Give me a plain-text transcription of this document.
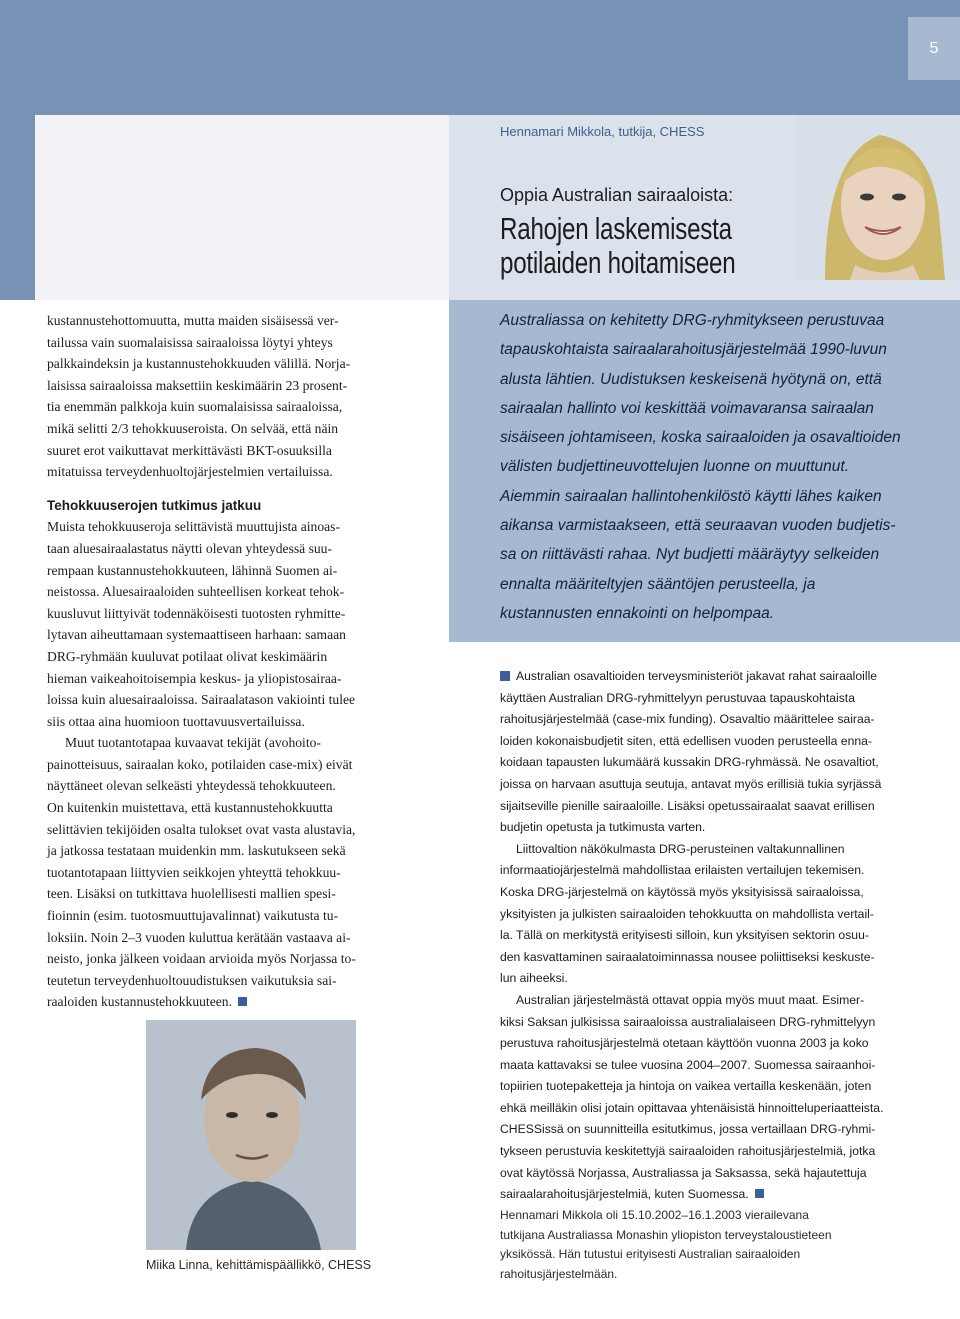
5
Hennamari Mikkola, tutkija, CHESS
Oppia Australian sairaaloista:
Rahojen laskemisesta
potilaiden hoitamiseen
Australiassa on kehitetty DRG-ryhmitykseen perustuvaa
tapauskohtaista sairaalarahoitusjärjestelmää 1990-luvun
alusta lähtien. Uudistuksen keskeisenä hyötynä on, että
sairaalan hallinto voi keskittää voimavaransa sairaalan
sisäiseen johtamiseen, koska sairaaloiden ja osavaltioiden
välisten budjettineuvottelujen luonne on muuttunut.
Aiemmin sairaalan hallintohenkilöstö käytti lähes kaiken
aikansa varmistaakseen, että seuraavan vuoden budjetis-
sa on riittävästi rahaa. Nyt budjetti määräytyy selkeiden
ennalta määriteltyjen sääntöjen perusteella, ja
kustannusten ennakointi on helpompaa.
kustannustehottomuutta, mutta maiden sisäisessä ver-
tailussa vain suomalaisissa sairaaloissa löytyi yhteys
palkkaindeksin ja kustannustehokkuuden välillä. Norja-
laisissa sairaaloissa maksettiin keskimäärin 23 prosent-
tia enemmän palkkoja kuin suomalaisissa sairaaloissa,
mikä selitti 2/3 tehokkuuseroista. On selvää, että näin
suuret erot vaikuttavat merkittävästi BKT-osuuksilla
mitatuissa terveydenhuoltojärjestelmien vertailuissa.
Tehokkuuserojen tutkimus jatkuu
Muista tehokkuuseroja selittävistä muuttujista ainoas-
taan aluesairaalastatus näytti olevan yhteydessä suu-
rempaan kustannustehokkuuteen, lähinnä Suomen ai-
neistossa. Aluesairaaloiden suhteellisen korkeat tehok-
kuusluvut liittyivät todennäköisesti tuotosten ryhmitte-
lytavan aiheuttamaan systemaattiseen harhaan: samaan
DRG-ryhmään kuuluvat potilaat olivat keskimäärin
hieman vaikeahoitoisempia keskus- ja yliopistosairaa-
loissa kuin aluesairaaloissa. Sairaalatason vakiointi tulee
siis ottaa aina huomioon tuottavuusvertailuissa.
Muut tuotantotapaa kuvaavat tekijät (avohoito-
painotteisuus, sairaalan koko, potilaiden case-mix) eivät
näyttäneet olevan selkeästi yhteydessä tehokkuuteen.
On kuitenkin muistettava, että kustannustehokkuutta
selittävien tekijöiden osalta tulokset ovat vasta alustavia,
ja jatkossa testataan muidenkin mm. laskutukseen sekä
tuotantotapaan liittyvien seikkojen yhteyttä tehokkuu-
teen. Lisäksi on tutkittava huolellisesti mallien spesi-
fioinnin (esim. tuotosmuuttujavalinnat) vaikutusta tu-
loksiin. Noin 2–3 vuoden kuluttua kerätään vastaava ai-
neisto, jonka jälkeen voidaan arvioida myös Norjassa to-
teutetun terveydenhuoltouudistuksen vaikutuksia sai-
raaloiden kustannustehokkuuteen.
Australian osavaltioiden terveysministeriöt jakavat rahat sairaaloille
käyttäen Australian DRG-ryhmittelyyn perustuvaa tapauskohtaista
rahoitusjärjestelmää (case-mix funding). Osavaltio määrittelee sairaa-
loiden kokonaisbudjetit siten, että edellisen vuoden perusteella enna-
koidaan tapausten lukumäärä kussakin DRG-ryhmässä. Ne osavaltiot,
joissa on harvaan asuttuja seutuja, antavat myös erillisiä tukia syrjässä
sijaitseville pienille sairaaloille. Lisäksi opetussairaalat saavat erillisen
budjetin opetusta ja tutkimusta varten.
Liittovaltion näkökulmasta DRG-perusteinen valtakunnallinen
informaatiojärjestelmä mahdollistaa erilaisten vertailujen tekemisen.
Koska DRG-järjestelmä on käytössä myös yksityisissä sairaaloissa,
yksityisten ja julkisten sairaaloiden tehokkuutta on mahdollista vertail-
la. Tällä on merkitystä erityisesti silloin, kun yksityisen sektorin osuu-
den kasvattaminen sairaalatoiminnassa nousee poliittiseksi keskuste-
lun aiheeksi.
Australian järjestelmästä ottavat oppia myös muut maat. Esimer-
kiksi Saksan julkisissa sairaaloissa australialaiseen DRG-ryhmittelyyn
perustuva rahoitusjärjestelmä otetaan käyttöön vuonna 2003 ja koko
maata kattavaksi se tulee vuosina 2004–2007. Suomessa sairaanhoi-
topiirien tuotepaketteja ja hintoja on vaikea vertailla keskenään, joten
ehkä meilläkin olisi jotain opittavaa yhtenäisistä hinnoitteluperiaatteista.
CHESSissä on suunnitteilla esitutkimus, jossa vertaillaan DRG-ryhmi-
tykseen perustuvia keskitettyjä sairaaloiden rahoitusjärjestelmiä, jotka
ovat käytössä Norjassa, Australiassa ja Saksassa, sekä hajautettuja
sairaalarahoitusjärjestelmiä, kuten Suomessa.
Hennamari Mikkola oli 15.10.2002–16.1.2003 vierailevana
tutkijana Australiassa Monashin yliopiston terveystaloustieteen
yksikössä. Hän tutustui erityisesti Australian sairaaloiden
rahoitusjärjestelmään.
Miika Linna, kehittämispäällikkö, CHESS
